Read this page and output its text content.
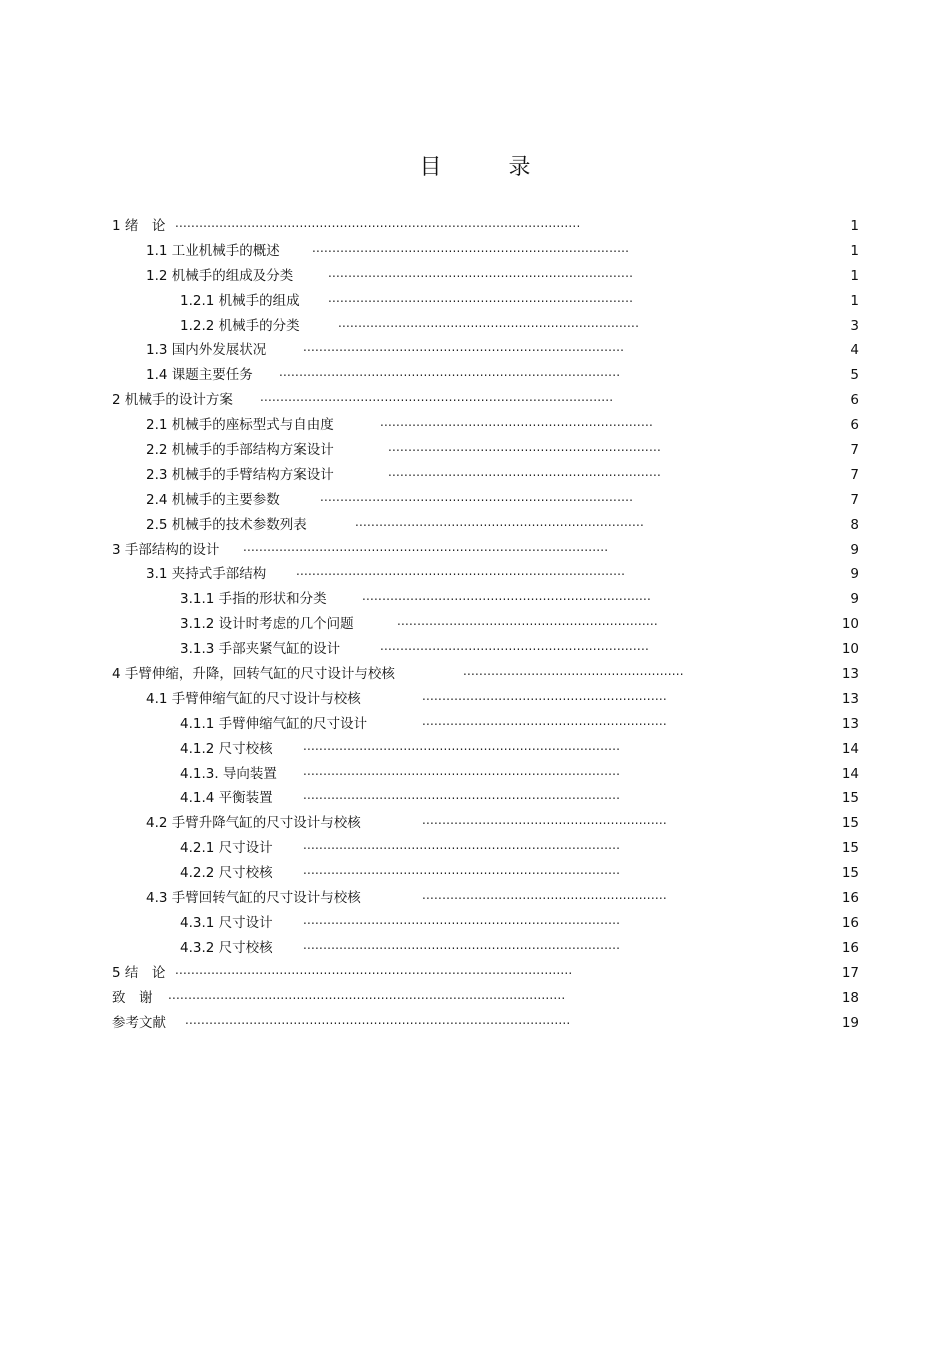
目 录
1 绪　论 .....................................................................................................	1
1.1 工业机械手的概述	...............................................................................	1
1.2 机械手的组成及分类	............................................................................	1
1.2.1 机械手的组成 ............................................................................	1
1.2.2 机械手的分类	...........................................................................	3
1.3 国内外发展状况	................................................................................	4
1.4 课题主要任务 .....................................................................................	5
2 机械手的设计方案 ........................................................................................	6
2.1 机械手的座标型式与自由度	....................................................................	6
2.2 机械手的手部结构方案设计	....................................................................	7
2.3 机械手的手臂结构方案设计	....................................................................	7
2.4 机械手的主要参数	..............................................................................	7
2.5 机械手的技术参数列表	........................................................................	8
3 手部结构的设计 ...........................................................................................	9
3.1 夹持式手部结构 ..................................................................................	9
3.1.1 手指的形状和分类	........................................................................	9
3.1.2 设计时考虑的几个问题	.................................................................	10
3.1.3 手部夹紧气缸的设计	...................................................................	10
4 手臂伸缩，升降，回转气缸的尺寸设计与校核	.......................................................	13
4.1 手臂伸缩气缸的尺寸设计与校核	.............................................................	13
4.1.1 手臂伸缩气缸的尺寸设计	.............................................................	13
4.1.2 尺寸校核	...............................................................................	14
4.1.3. 导向装置 ...............................................................................	14
4.1.4 平衡装置	...............................................................................	15
4.2 手臂升降气缸的尺寸设计与校核	.............................................................	15
4.2.1 尺寸设计	...............................................................................	15
4.2.2 尺寸校核	...............................................................................	15
4.3 手臂回转气缸的尺寸设计与校核	.............................................................	16
4.3.1 尺寸设计	...............................................................................	16
4.3.2 尺寸校核	...............................................................................	16
5 结　论 ...................................................................................................	17
致　谢 ...................................................................................................	18
参考文献 ................................................................................................	19
